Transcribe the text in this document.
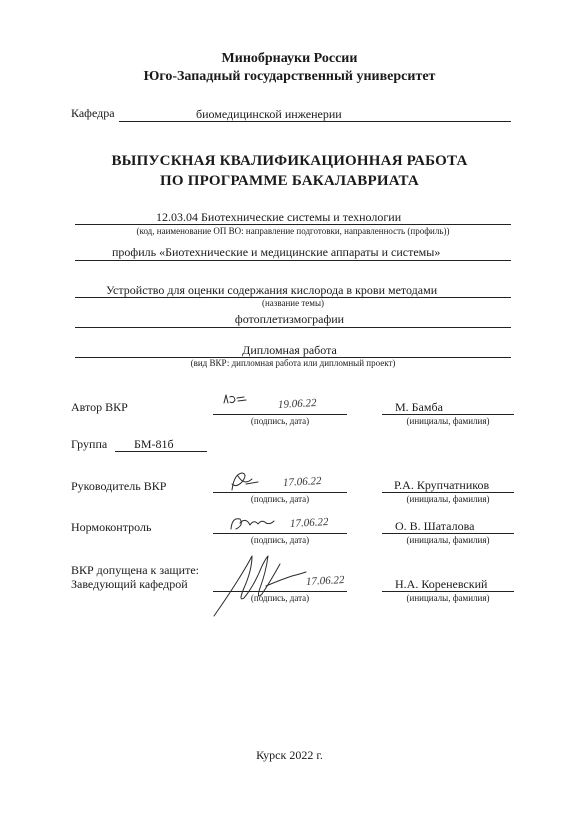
Минобрнауки России
Юго-Западный государственный университет
Кафедра	биомедицинской инженерии
ВЫПУСКНАЯ КВАЛИФИКАЦИОННАЯ РАБОТА
ПО ПРОГРАММЕ БАКАЛАВРИАТА
12.03.04 Биотехнические системы и технологии
(код, наименование ОП ВО: направление подготовки, направленность (профиль))
профиль «Биотехнические и медицинские аппараты и системы»
Устройство для оценки содержания кислорода в крови методами
(название темы)
фотоплетизмографии
Дипломная работа
(вид ВКР: дипломная работа или дипломный проект)
Автор ВКР
(подпись, дата)
19.06.22	М. Бамба
(инициалы, фамилия)
Группа БМ-81б
Руководитель ВКР
(подпись, дата)
17.06.22	Р.А. Крупчатников
(инициалы, фамилия)
Нормоконтроль
(подпись, дата)
17.06.22	О. В. Шаталова
(инициалы, фамилия)
ВКР допущена к защите:
Заведующий кафедрой
(подпись, дата)
17.06.22	Н.А. Кореневский
(инициалы, фамилия)
Курск 2022 г.
